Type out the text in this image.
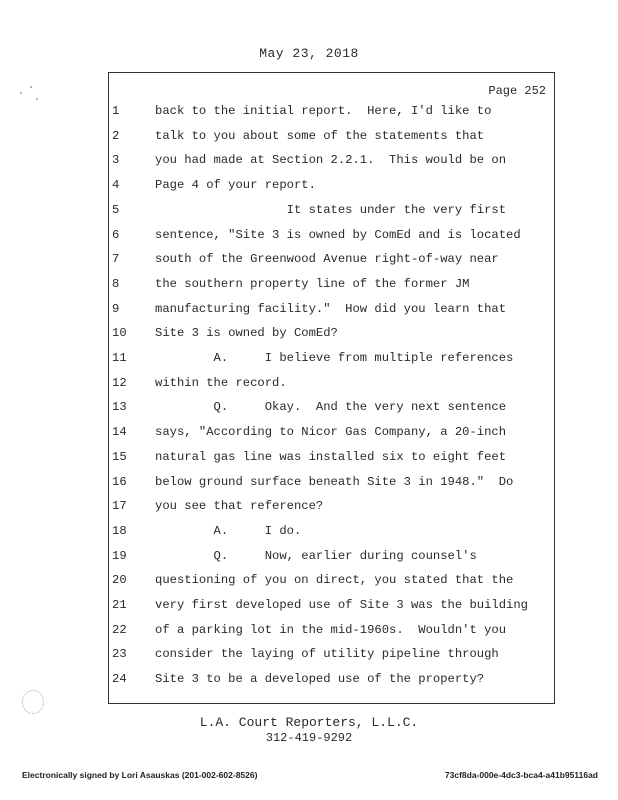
May 23, 2018
Page 252
1	back to the initial report.  Here, I'd like to
2	talk to you about some of the statements that
3	you had made at Section 2.2.1.  This would be on
4	Page 4 of your report.
5	It states under the very first
6	sentence, "Site 3 is owned by ComEd and is located
7	south of the Greenwood Avenue right-of-way near
8	the southern property line of the former JM
9	manufacturing facility."  How did you learn that
10	Site 3 is owned by ComEd?
11	A.     I believe from multiple references
12	within the record.
13	Q.     Okay.  And the very next sentence
14	says, "According to Nicor Gas Company, a 20-inch
15	natural gas line was installed six to eight feet
16	below ground surface beneath Site 3 in 1948."  Do
17	you see that reference?
18	A.     I do.
19	Q.     Now, earlier during counsel's
20	questioning of you on direct, you stated that the
21	very first developed use of Site 3 was the building
22	of a parking lot in the mid-1960s.  Wouldn't you
23	consider the laying of utility pipeline through
24	Site 3 to be a developed use of the property?
L.A. Court Reporters, L.L.C.
312-419-9292
Electronically signed by Lori Asauskas (201-002-602-8526)	73cf8da-000e-4dc3-bca4-a41b95116ad
